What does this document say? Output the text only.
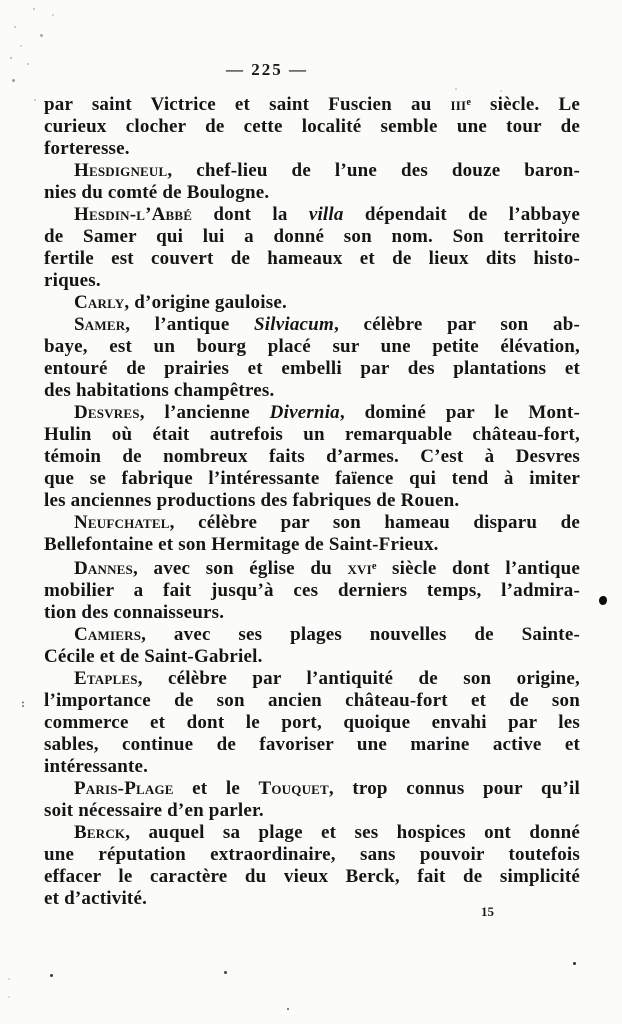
— 225 —
par saint Victrice et saint Fuscien au iii$^e$ siècle. Le
curieux clocher de cette localité semble une tour de
forteresse.
Hesdigneul, chef-lieu de l’une des douze baron-
nies du comté de Boulogne.
Hesdin-l’Abbé dont la villa dépendait de l’abbaye
de Samer qui lui a donné son nom. Son territoire
fertile est couvert de hameaux et de lieux dits histo-
riques.
Carly, d’origine gauloise.
Samer, l’antique Silviacum, célèbre par son ab-
baye, est un bourg placé sur une petite élévation,
entouré de prairies et embelli par des plantations et
des habitations champêtres.
Desvres, l’ancienne Divernia, dominé par le Mont-
Hulin où était autrefois un remarquable château-fort,
témoin de nombreux faits d’armes. C’est à Desvres
que se fabrique l’intéressante faïence qui tend à imiter
les anciennes productions des fabriques de Rouen.
Neufchatel, célèbre par son hameau disparu de
Bellefontaine et son Hermitage de Saint-Frieux.
Dannes, avec son église du xvi$^e$ siècle dont l’antique
mobilier a fait jusqu’à ces derniers temps, l’admira-
tion des connaisseurs.
Camiers, avec ses plages nouvelles de Sainte-
Cécile et de Saint-Gabriel.
Etaples, célèbre par l’antiquité de son origine,
l’importance de son ancien château-fort et de son
commerce et dont le port, quoique envahi par les
sables, continue de favoriser une marine active et
intéressante.
Paris-Plage et le Touquet, trop connus pour qu’il
soit nécessaire d’en parler.
Berck, auquel sa plage et ses hospices ont donné
une réputation extraordinaire, sans pouvoir toutefois
effacer le caractère du vieux Berck, fait de simplicité
et d’activité.
15
:
